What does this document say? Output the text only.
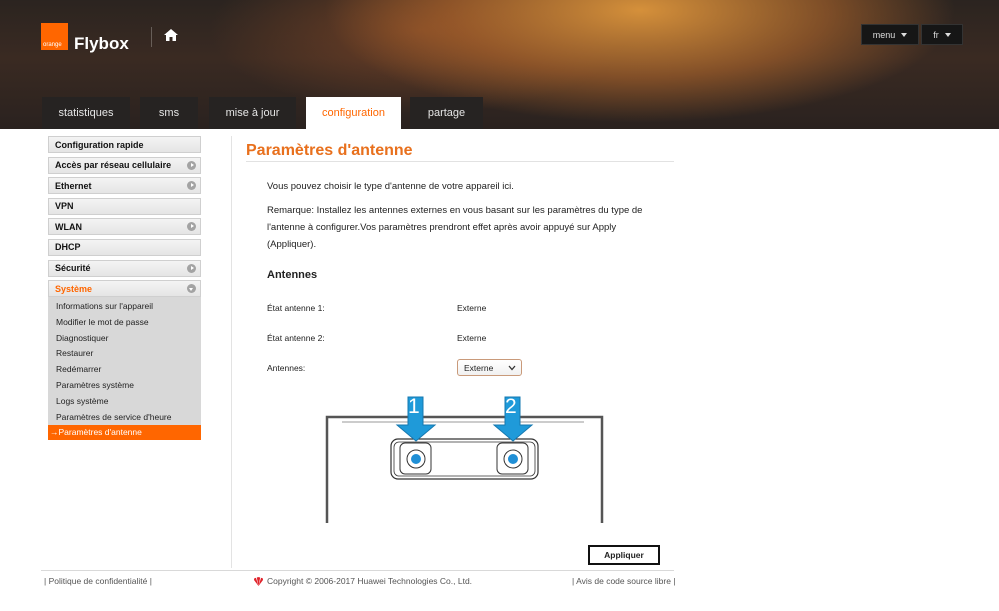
orange Flybox	menu	fr
statistiques	sms	mise à jour	configuration	partage
Configuration rapide
Accès par réseau cellulaire
Ethernet
VPN
WLAN
DHCP
Sécurité
Système
Informations sur l'appareil
Modifier le mot de passe
Diagnostiquer
Restaurer
Redémarrer
Paramètres système
Logs système
Paramètres de service d'heure
→ Paramètres d'antenne
Paramètres d'antenne
Vous pouvez choisir le type d'antenne de votre appareil ici.
Remarque: Installez les antennes externes en vous basant sur les paramètres du type de l'antenne à configurer.Vos paramètres prendront effet après avoir appuyé sur Apply (Appliquer).
Antennes
État antenne 1:	Externe
État antenne 2:	Externe
Antennes:	Externe
1	2
Appliquer
| Politique de confidentialité |	Copyright © 2006-2017 Huawei Technologies Co., Ltd.	| Avis de code source libre |
